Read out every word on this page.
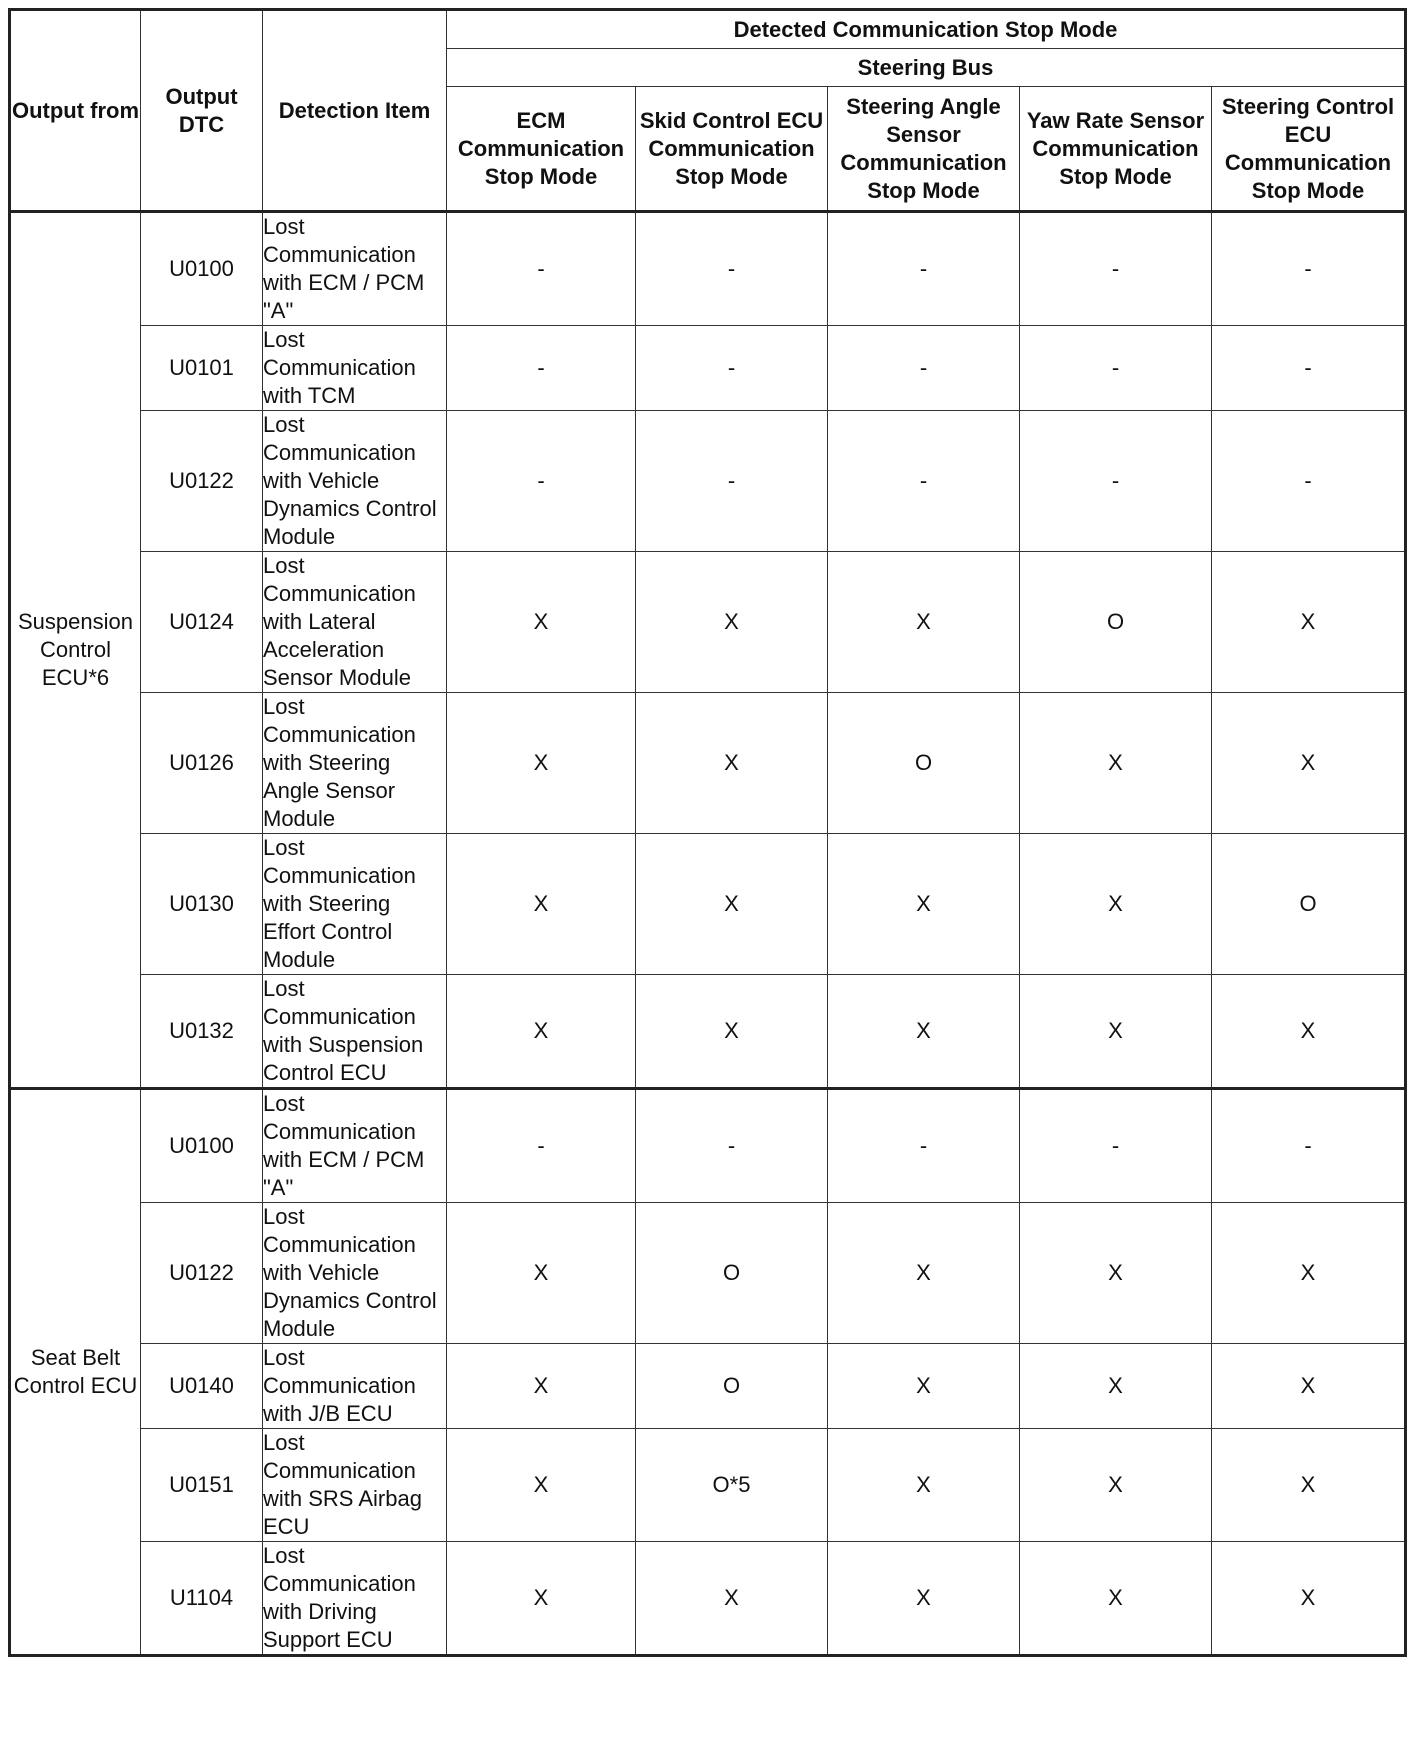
Output from	Output DTC	Detection Item	Detected Communication Stop Mode				
			Steering Bus				
			ECM Communication Stop Mode	Skid Control ECU Communication Stop Mode	Steering Angle Sensor Communication Stop Mode	Yaw Rate Sensor Communication Stop Mode	Steering Control ECU Communication Stop Mode
Suspension Control ECU*6	U0100	Lost Communication with ECM / PCM "A"	-	-	-	-	-
	U0101	Lost Communication with TCM	-	-	-	-	-
	U0122	Lost Communication with Vehicle Dynamics Control Module	-	-	-	-	-
	U0124	Lost Communication with Lateral Acceleration Sensor Module	X	X	X	O	X
	U0126	Lost Communication with Steering Angle Sensor Module	X	X	O	X	X
	U0130	Lost Communication with Steering Effort Control Module	X	X	X	X	O
	U0132	Lost Communication with Suspension Control ECU	X	X	X	X	X
Seat Belt Control ECU	U0100	Lost Communication with ECM / PCM "A"	-	-	-	-	-
	U0122	Lost Communication with Vehicle Dynamics Control Module	X	O	X	X	X
	U0140	Lost Communication with J/B ECU	X	O	X	X	X
	U0151	Lost Communication with SRS Airbag ECU	X	O*5	X	X	X
	U1104	Lost Communication with Driving Support ECU	X	X	X	X	X
